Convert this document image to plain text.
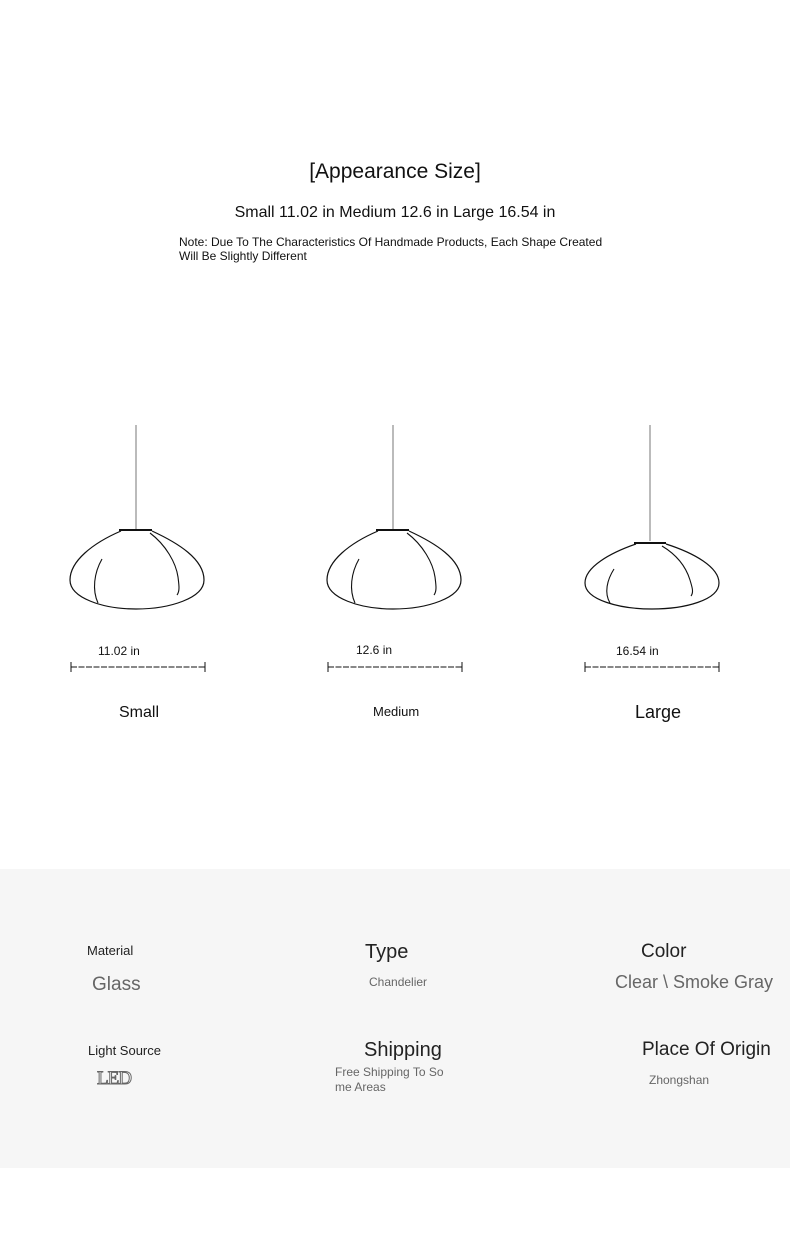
[Appearance Size]
Small 11.02 in Medium 12.6 in Large 16.54 in
Note: Due To The Characteristics Of Handmade Products, Each Shape Created Will Be Slightly Different
11.02 in
Small
12.6 in
Medium
16.54 in
Large
Material
Glass
Type
Chandelier
Color
Clear \ Smoke Gray
Light Source
LED
Shipping
Free Shipping To Some Areas
Place Of Origin
Zhongshan
